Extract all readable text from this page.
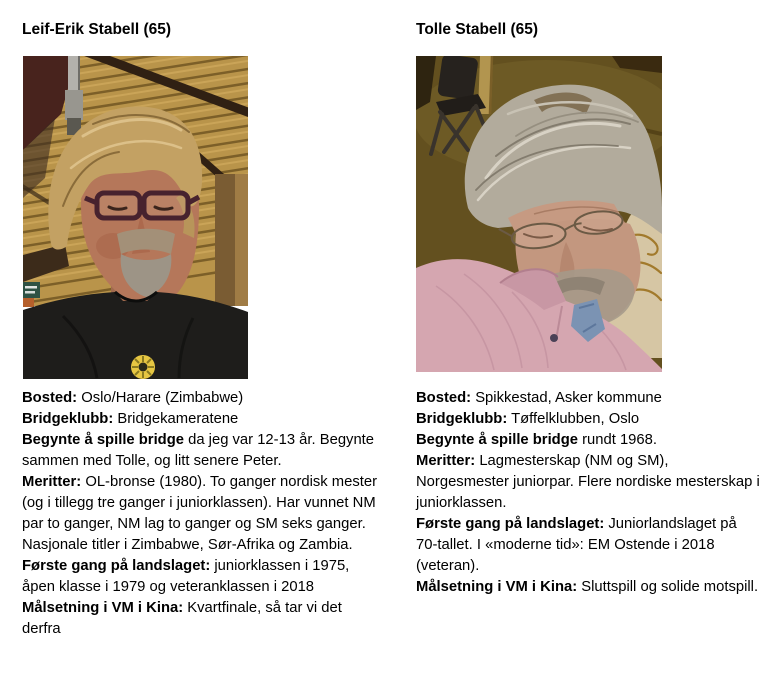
Leif-Erik Stabell (65)

Bosted: Oslo/Harare (Zimbabwe)

Bridgeklubb: Bridgekameratene

Begynte å spille bridge da jeg var 12-13 år. Begynte sammen med Tolle, og litt senere Peter.

Meritter: OL-bronse (1980). To ganger nordisk mester (og i tillegg tre ganger i juniorklassen). Har vunnet NM par to ganger, NM lag to ganger og SM seks ganger. Nasjonale titler i Zimbabwe, Sør-Afrika og Zambia.

Første gang på landslaget: juniorklassen i 1975, åpen klasse i 1979 og veteranklassen i 2018

Målsetning i VM i Kina: Kvartfinale, så tar vi det derfra

Tolle Stabell (65)

Bosted: Spikkestad, Asker kommune

Bridgeklubb: Tøffelklubben, Oslo

Begynte å spille bridge rundt 1968.

Meritter: Lagmesterskap (NM og SM), Norgesmester juniorpar. Flere nordiske mesterskap i juniorklassen.

Første gang på landslaget: Juniorlandslaget på 70-tallet. I «moderne tid»: EM Ostende i 2018 (veteran).

Målsetning i VM i Kina: Sluttspill og solide motspill.
